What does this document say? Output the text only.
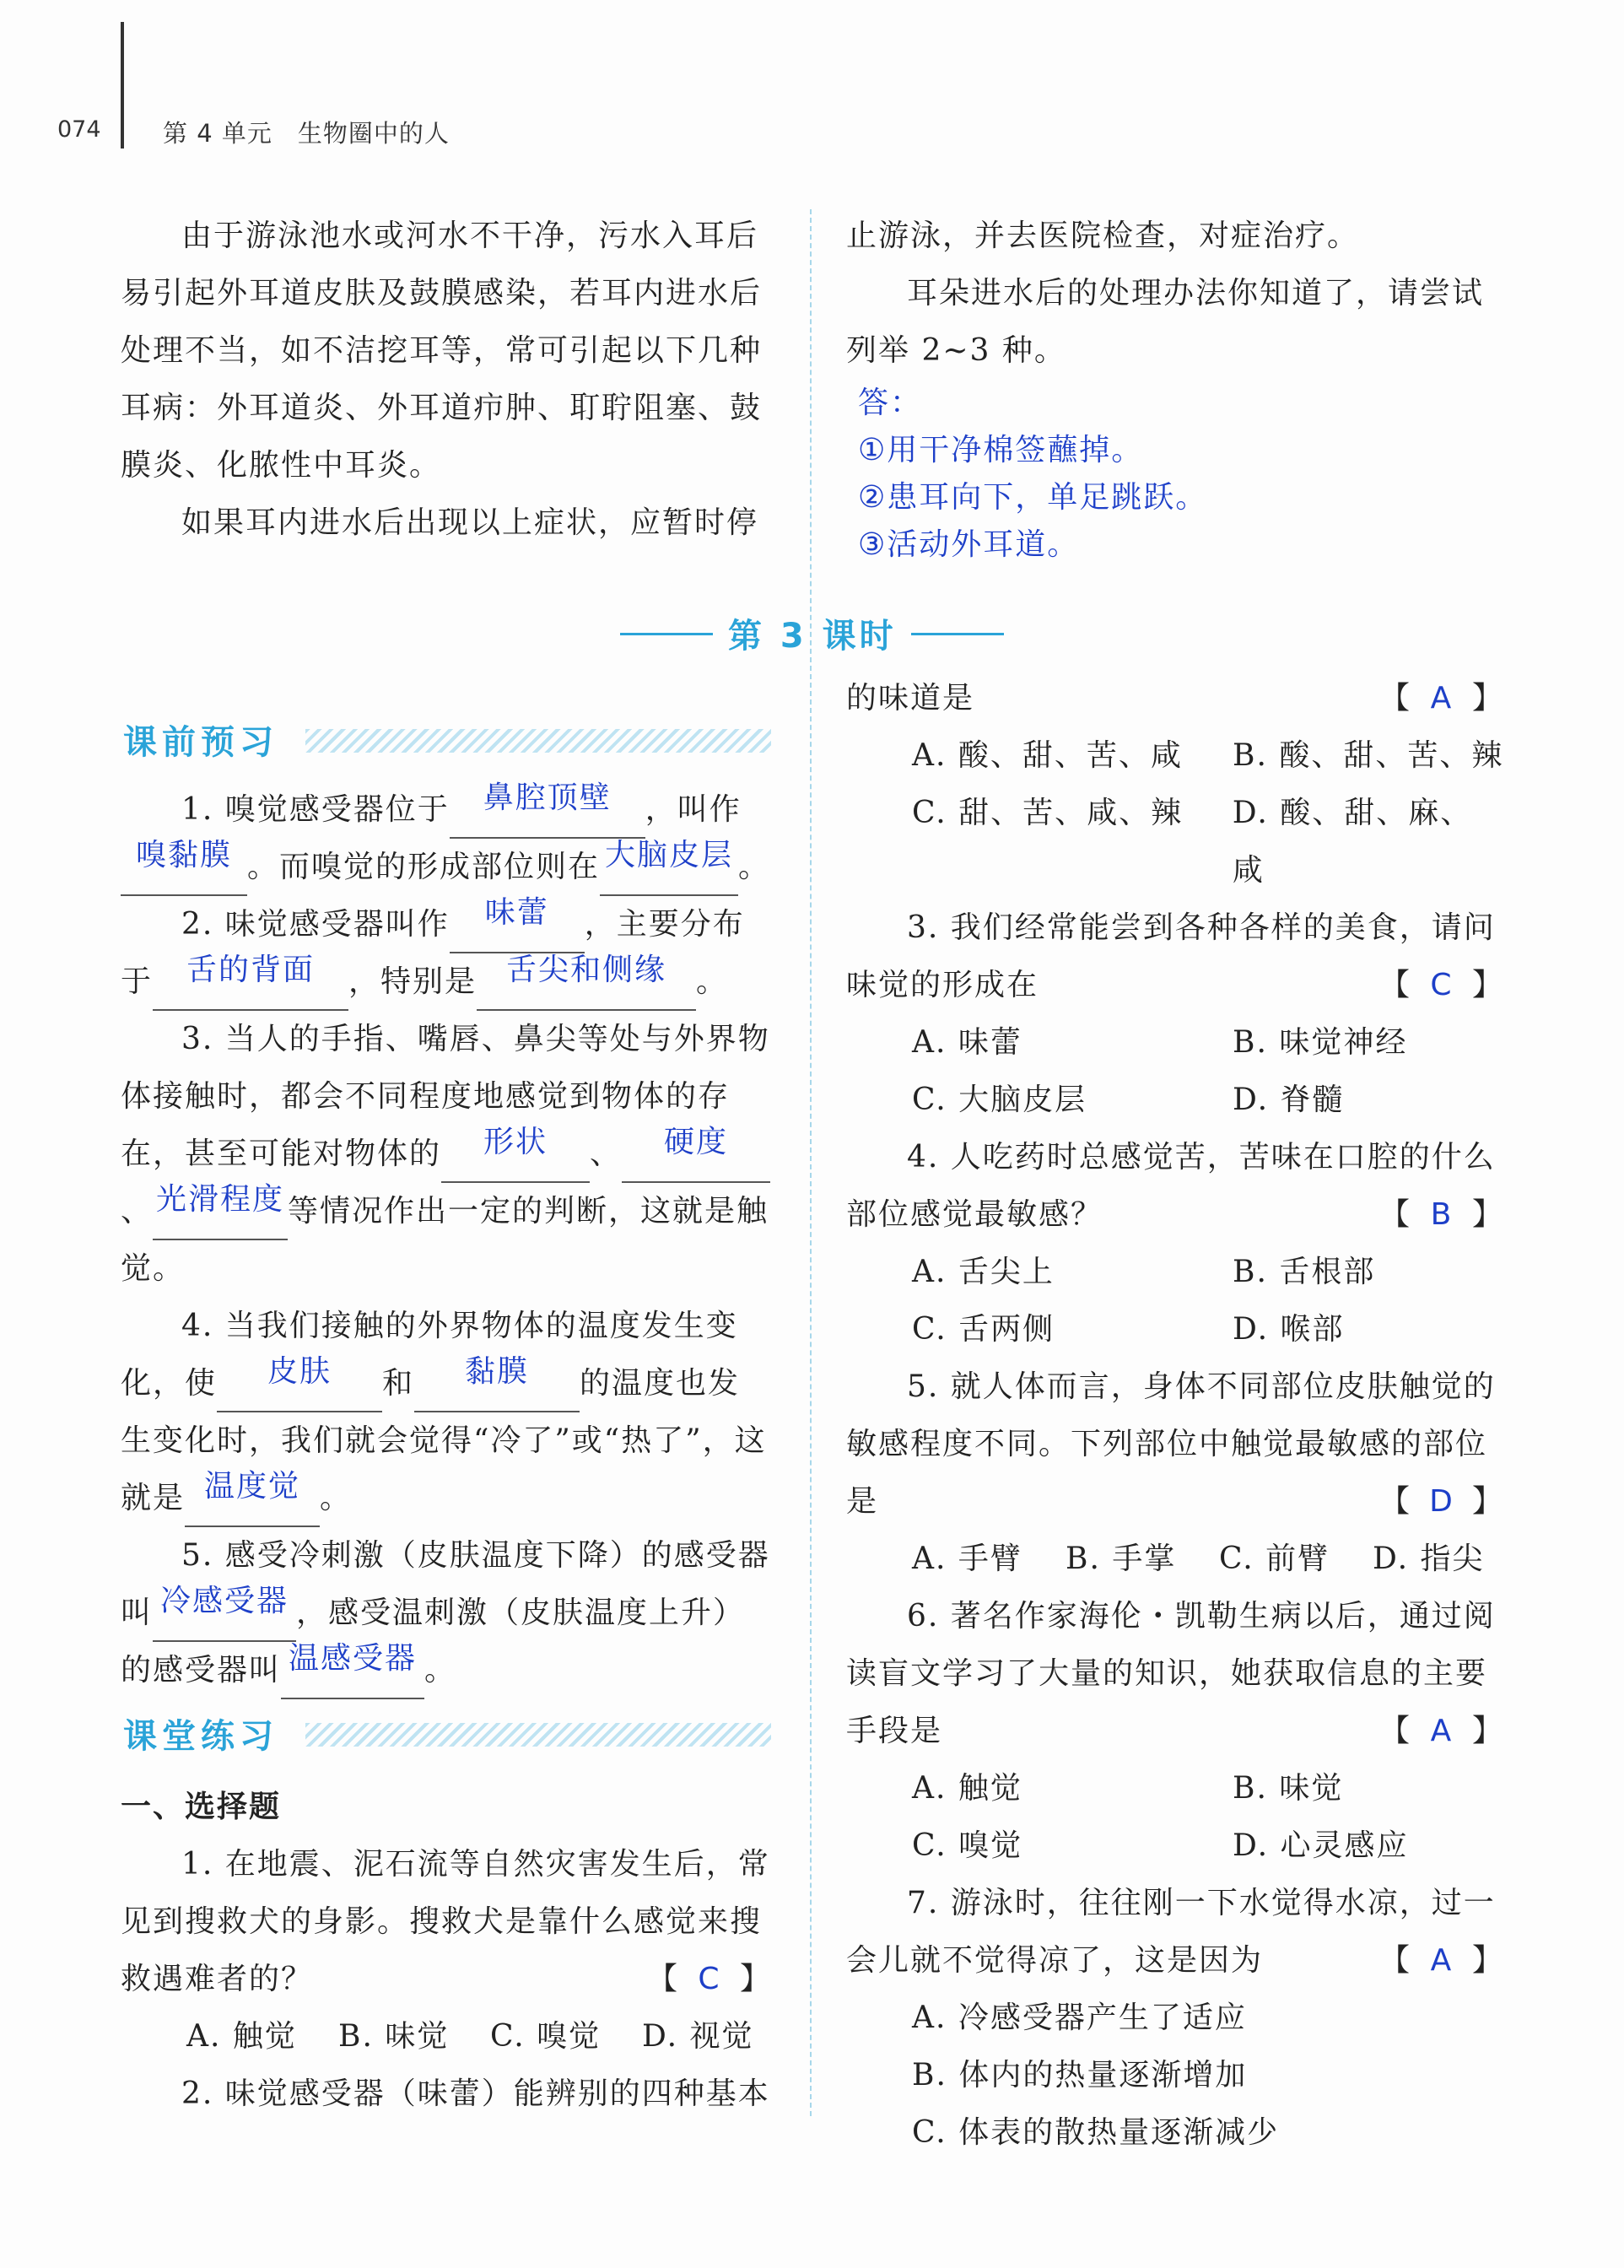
074	第 4 单元　生物圈中的人

由于游泳池水或河水不干净，污水入耳后易引起外耳道皮肤及鼓膜感染，若耳内进水后处理不当，如不洁挖耳等，常可引起以下几种耳病：外耳道炎、外耳道疖肿、耵聍阻塞、鼓膜炎、化脓性中耳炎。

如果耳内进水后出现以上症状，应暂时停

止游泳，并去医院检查，对症治疗。

耳朵进水后的处理办法你知道了，请尝试列举 2~3 种。

答：
①用干净棉签蘸掉。
②患耳向下，单足跳跃。
③活动外耳道。
第 3 课时
课前预习

1. 嗅觉感受器位于 鼻腔顶壁 ，叫作嗅黏膜 。而嗅觉的形成部位则在 大脑皮层 。

2. 味觉感受器叫作 味蕾 ，主要分布于 舌的背面 ，特别是 舌尖和侧缘 。

3. 当人的手指、嘴唇、鼻尖等处与外界物体接触时，都会不同程度地感觉到物体的存在，甚至可能对物体的 形状 、 硬度、 光滑程度 等情况作出一定的判断，这就是触觉。

4. 当我们接触的外界物体的温度发生变化，使 皮肤 和 黏膜 的温度也发生变化时，我们就会觉得“冷了”或“热了”，这就是 温度觉 。

5. 感受冷刺激（皮肤温度下降）的感受器叫 冷感受器 ，感受温刺激（皮肤温度上升）的感受器叫 温感受器 。

课堂练习
一、选择题

1. 在地震、泥石流等自然灾害发生后，常见到搜救犬的身影。搜救犬是靠什么感觉来搜救遇难者的？	【 C 】
A. 触觉	B. 味觉	C. 嗅觉	D. 视觉

2. 味觉感受器（味蕾）能辨别的四种基本

的味道是	【 A 】
A. 酸、甜、苦、咸	B. 酸、甜、苦、辣
C. 甜、苦、咸、辣	D. 酸、甜、麻、咸

3. 我们经常能尝到各种各样的美食，请问味觉的形成在	【 C 】
A. 味蕾	B. 味觉神经
C. 大脑皮层	D. 脊髓

4. 人吃药时总感觉苦，苦味在口腔的什么部位感觉最敏感？	【 B 】
A. 舌尖上	B. 舌根部
C. 舌两侧	D. 喉部

5. 就人体而言，身体不同部位皮肤触觉的敏感程度不同。下列部位中触觉最敏感的部位是	【 D 】
A. 手臂	B. 手掌	C. 前臂	D. 指尖

6. 著名作家海伦・凯勒生病以后，通过阅读盲文学习了大量的知识，她获取信息的主要手段是	【 A 】
A. 触觉	B. 味觉
C. 嗅觉	D. 心灵感应

7. 游泳时，往往刚一下水觉得水凉，过一会儿就不觉得凉了，这是因为	【 A 】
A. 冷感受器产生了适应
B. 体内的热量逐渐增加
C. 体表的散热量逐渐减少
